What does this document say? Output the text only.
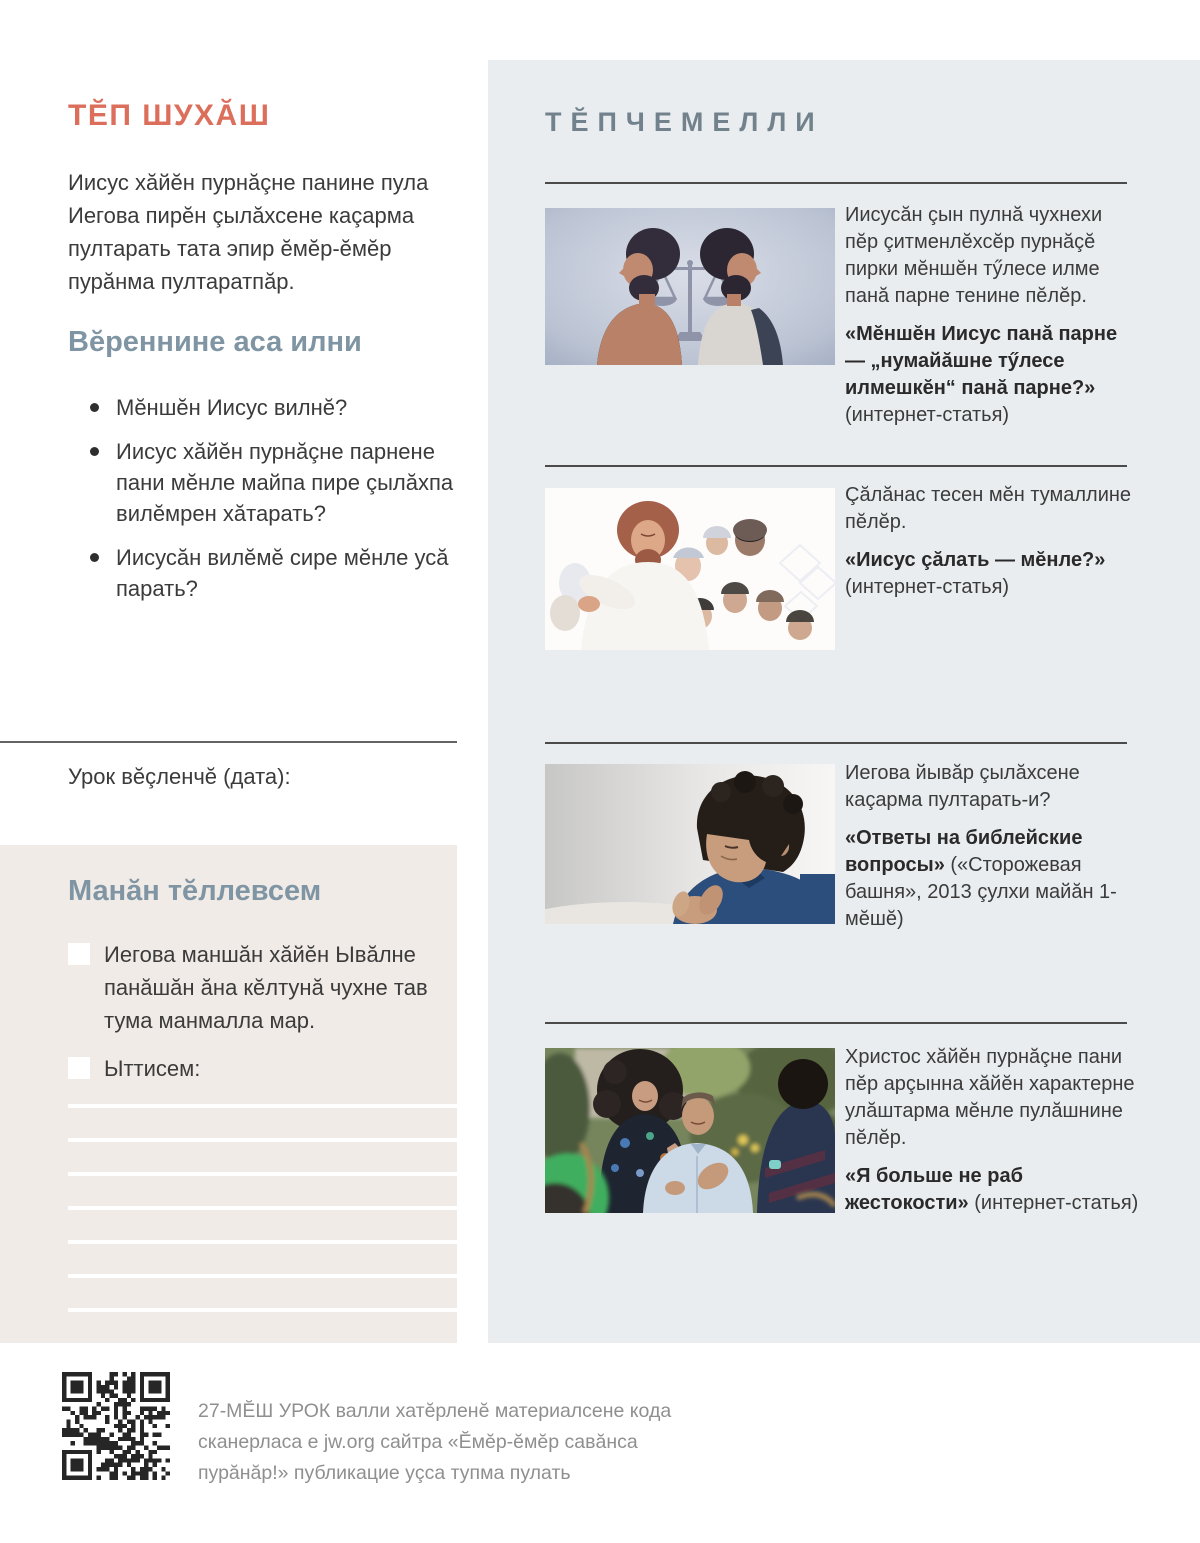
ТĔПЧЕМЕЛЛИ

Иисусăн çын пулнă чухнехи пĕр çитменлĕхсĕр пурнăçĕ пирки мĕншĕн тӳлесе илме панă парне тенине пĕлĕр.

«Мĕншĕн Иисус панă парне — „нумайăшне тӳлесе илмешкĕн“ панă парне?» (интернет-статья)

Çăлăнас тесен мĕн тумаллине пĕлĕр.

«Иисус çăлать — мĕнле?» (интернет-статья)

Иегова йывăр çылăхсене каçарма пултарать-и?

«Ответы на библейские вопросы» («Сторожевая башня», 2013 çулхи майăн 1-мĕшĕ)

Христос хăйĕн пурнăçне пани пĕр арçынна хăйĕн характерне улăштарма мĕнле пулăшнине пĕлĕр.

«Я больше не раб жестокости» (интернет-статья)

ТĔП ШУХĂШ

Иисус хăйĕн пурнăçне панине пула Иегова пирĕн çылăхсене каçарма пултарать тата эпир ĕмĕр-ĕмĕр пурăнма пултаратпăр.

Вĕреннине аса илни
Мĕншĕн Иисус вилнĕ?
Иисус хăйĕн пурнăçне парнене пани мĕнле майпа пире çылăхпа вилĕмрен хăтарать?
Иисусăн вилĕмĕ сире мĕнле усă парать?
Урок вĕçленчĕ (дата):
Манăн тĕллевсем
Иегова маншăн хăйĕн Ывăлне панăшăн ăна кĕлтунă чухне тав тума манмалла мар.
Ыттисем:

27-МĔШ УРОК валли хатĕрленĕ материалсене кода сканерласа е jw.org сайтра «Ĕмĕр-ĕмĕр савăнса пурăнăр!» публикацие уçса тупма пулать
